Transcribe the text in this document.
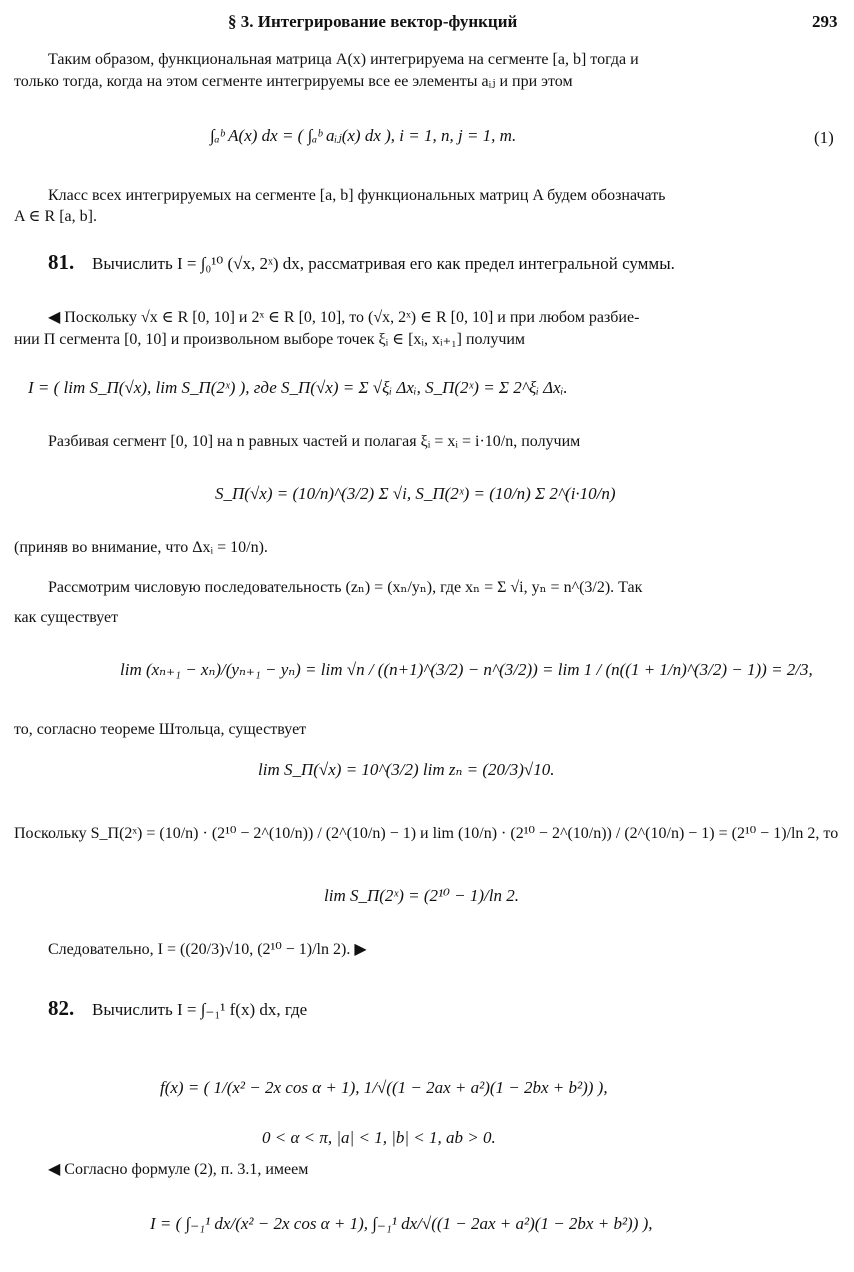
§ 3. Интегрирование вектор-функций	293
Таким образом, функциональная матрица A(x) интегрируема на сегменте [a, b] тогда и
только тогда, когда на этом сегменте интегрируемы все ее элементы aᵢⱼ и при этом
∫ₐᵇ A(x) dx = ( ∫ₐᵇ aᵢⱼ(x) dx ), i = 1, n, j = 1, m.	(1)
Класс всех интегрируемых на сегменте [a, b] функциональных матриц A будем обозначать
A ∈ R [a, b].
81. Вычислить I = ∫₀¹⁰ (√x, 2ˣ) dx, рассматривая его как предел интегральной суммы.
◀ Поскольку √x ∈ R [0, 10] и 2ˣ ∈ R [0, 10], то (√x, 2ˣ) ∈ R [0, 10] и при любом разбие-
нии Π сегмента [0, 10] и произвольном выборе точек ξᵢ ∈ [xᵢ, xᵢ₊₁] получим
I = ( lim S_Π(√x), lim S_Π(2ˣ) ), где S_Π(√x) = Σ √ξᵢ Δxᵢ, S_Π(2ˣ) = Σ 2^ξᵢ Δxᵢ.
Разбивая сегмент [0, 10] на n равных частей и полагая ξᵢ = xᵢ = i·10/n, получим
S_Π(√x) = (10/n)^(3/2) Σ √i, S_Π(2ˣ) = (10/n) Σ 2^(i·10/n)
(приняв во внимание, что Δxᵢ = 10/n).
Рассмотрим числовую последовательность (zₙ) = (xₙ/yₙ), где xₙ = Σ √i, yₙ = n^(3/2). Так
как существует
lim (xₙ₊₁ − xₙ)/(yₙ₊₁ − yₙ) = lim √n / ((n+1)^(3/2) − n^(3/2)) = lim 1 / (n((1 + 1/n)^(3/2) − 1)) = 2/3,
то, согласно теореме Штольца, существует
lim S_Π(√x) = 10^(3/2) lim zₙ = (20/3)√10.
Поскольку S_Π(2ˣ) = (10/n) · (2¹⁰ − 2^(10/n)) / (2^(10/n) − 1) и lim (10/n) · (2¹⁰ − 2^(10/n)) / (2^(10/n) − 1) = (2¹⁰ − 1)/ln 2, то
lim S_Π(2ˣ) = (2¹⁰ − 1)/ln 2.
Следовательно, I = ((20/3)√10, (2¹⁰ − 1)/ln 2). ▶
82. Вычислить I = ∫₋₁¹ f(x) dx, где
f(x) = ( 1/(x² − 2x cos α + 1), 1/√((1 − 2ax + a²)(1 − 2bx + b²)) ),
0 < α < π, |a| < 1, |b| < 1, ab > 0.
◀ Согласно формуле (2), п. 3.1, имеем
I = ( ∫₋₁¹ dx/(x² − 2x cos α + 1), ∫₋₁¹ dx/√((1 − 2ax + a²)(1 − 2bx + b²)) ),
